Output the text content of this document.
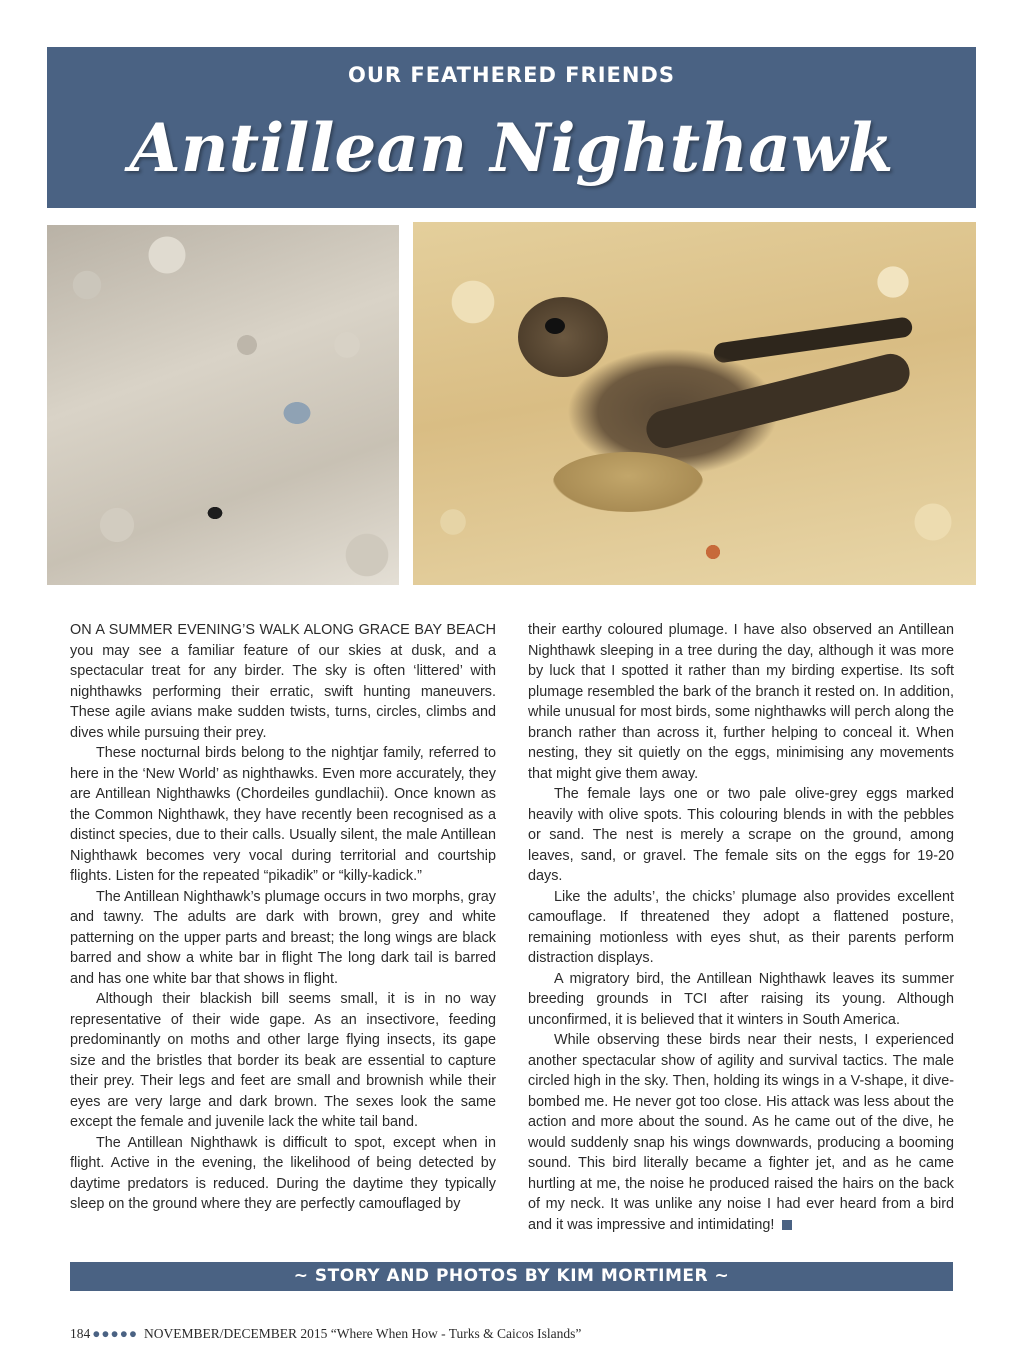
OUR FEATHERED FRIENDS
Antillean Nighthawk

ON A SUMMER EVENING’S WALK ALONG GRACE BAY BEACH you may see a familiar feature of our skies at dusk, and a spectacular treat for any birder. The sky is often ‘littered’ with nighthawks performing their erratic, swift hunting maneuvers. These agile avians make sudden twists, turns, circles, climbs and dives while pursuing their prey.

These nocturnal birds belong to the nightjar family, referred to here in the ‘New World’ as nighthawks. Even more accurately, they are Antillean Nighthawks (Chordeiles gundlachii). Once known as the Common Nighthawk, they have recently been recognised as a distinct species, due to their calls. Usually silent, the male Antillean Nighthawk becomes very vocal during territorial and courtship flights. Listen for the repeated “pikadik” or “killy-kadick.”

The Antillean Nighthawk’s plumage occurs in two morphs, gray and tawny. The adults are dark with brown, grey and white patterning on the upper parts and breast; the long wings are black barred and show a white bar in flight The long dark tail is barred and has one white bar that shows in flight.

Although their blackish bill seems small, it is in no way representative of their wide gape. As an insectivore, feeding predominantly on moths and other large flying insects, its gape size and the bristles that border its beak are essential to capture their prey. Their legs and feet are small and brownish while their eyes are very large and dark brown. The sexes look the same except the female and juvenile lack the white tail band.

The Antillean Nighthawk is difficult to spot, except when in flight. Active in the evening, the likelihood of being detected by daytime predators is reduced. During the daytime they typically sleep on the ground where they are perfectly camouflaged by

their earthy coloured plumage. I have also observed an Antillean Nighthawk sleeping in a tree during the day, although it was more by luck that I spotted it rather than my birding expertise. Its soft plumage resembled the bark of the branch it rested on. In addition, while unusual for most birds, some nighthawks will perch along the branch rather than across it, further helping to conceal it. When nesting, they sit quietly on the eggs, minimising any movements that might give them away.

The female lays one or two pale olive-grey eggs marked heavily with olive spots. This colouring blends in with the pebbles or sand. The nest is merely a scrape on the ground, among leaves, sand, or gravel. The female sits on the eggs for 19-20 days.

Like the adults’, the chicks’ plumage also provides excellent camouflage. If threatened they adopt a flattened posture, remaining motionless with eyes shut, as their parents perform distraction displays.

A migratory bird, the Antillean Nighthawk leaves its summer breeding grounds in TCI after raising its young. Although unconfirmed, it is believed that it winters in South America.

While observing these birds near their nests, I experienced another spectacular show of agility and survival tactics. The male circled high in the sky. Then, holding its wings in a V-shape, it dive-bombed me. He never got too close. His attack was less about the action and more about the sound. As he came out of the dive, he would suddenly snap his wings downwards, producing a booming sound. This bird literally became a fighter jet, and as he came hurtling at me, the noise he produced raised the hairs on the back of my neck. It was unlike any noise I had ever heard from a bird and it was impressive and intimidating!

~ STORY AND PHOTOS BY KIM MORTIMER ~
184 ●●●●● NOVEMBER/DECEMBER 2015 “Where When How - Turks & Caicos Islands”
